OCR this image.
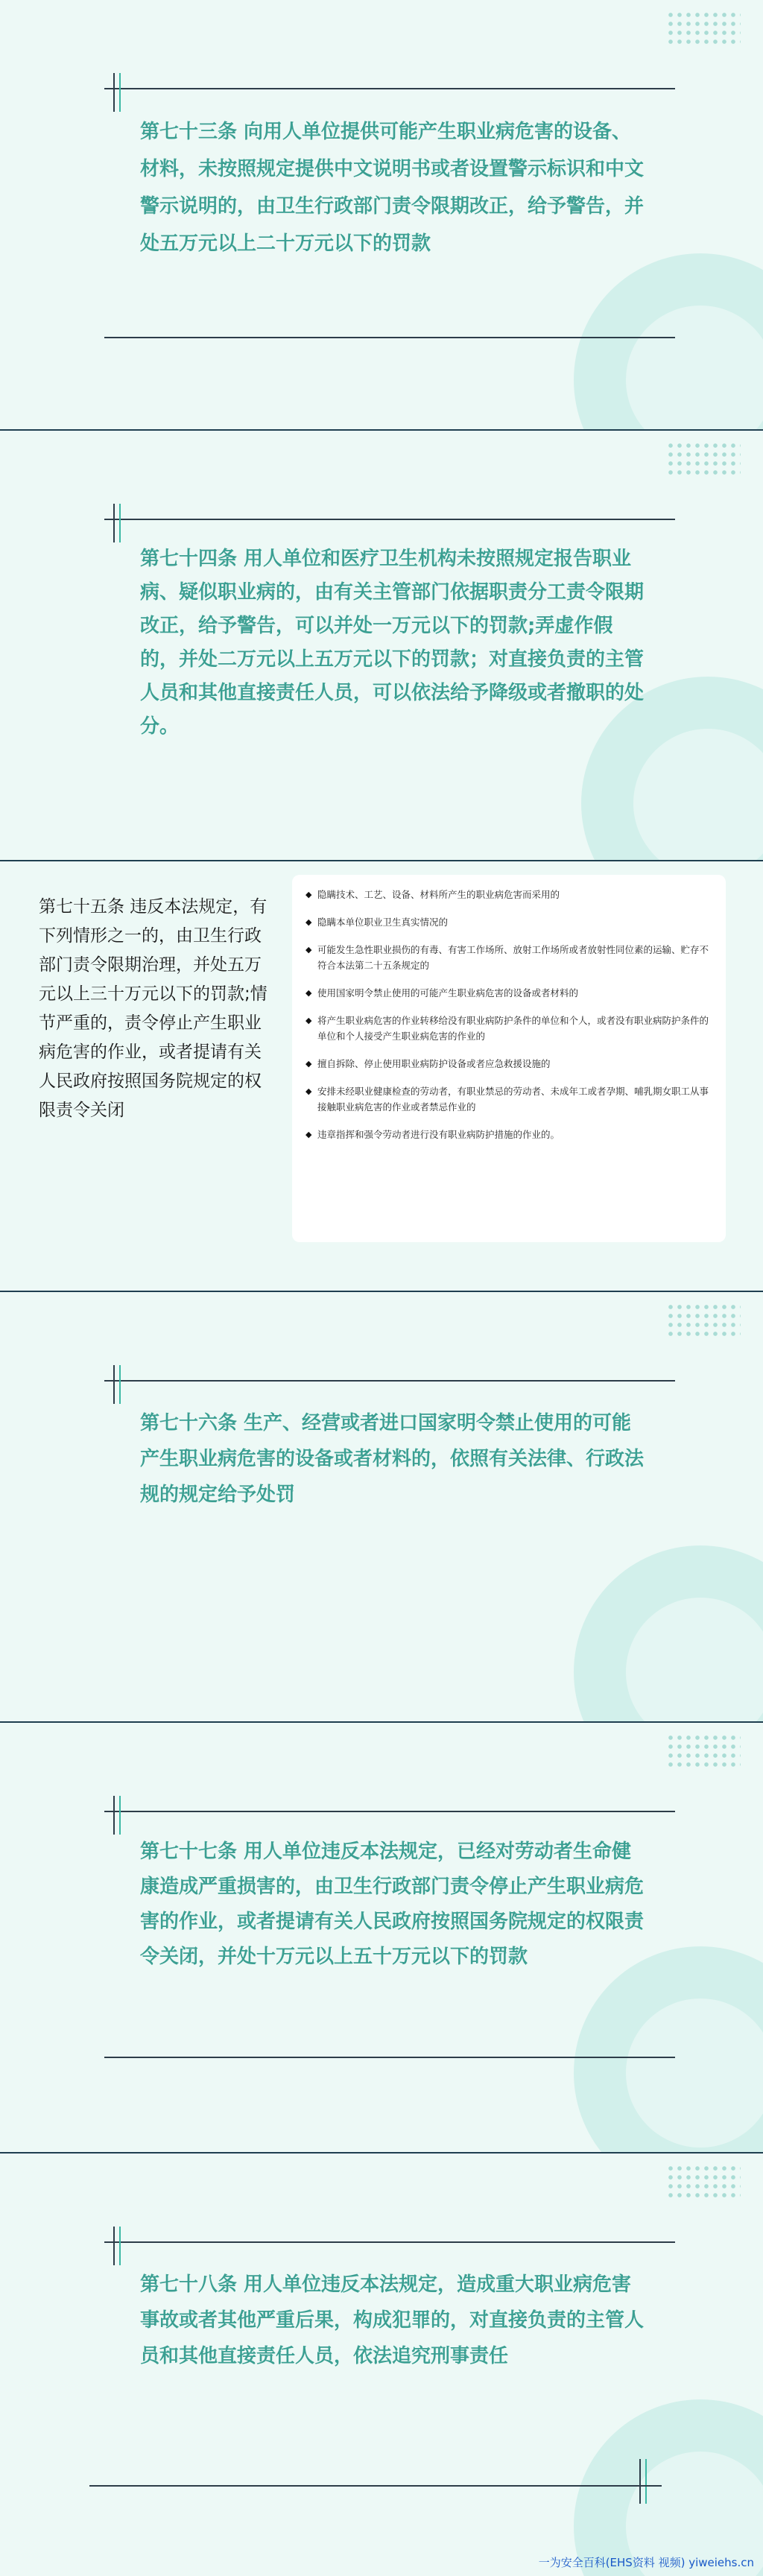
第七十三条 向用人单位提供可能产生职业病危害的设备、材料，未按照规定提供中文说明书或者设置警示标识和中文警示说明的，由卫生行政部门责令限期改正，给予警告，并处五万元以上二十万元以下的罚款

第七十四条 用人单位和医疗卫生机构未按照规定报告职业病、疑似职业病的，由有关主管部门依据职责分工责令限期改正，给予警告，可以并处一万元以下的罚款;弄虚作假的，并处二万元以上五万元以下的罚款；对直接负责的主管人员和其他直接责任人员，可以依法给予降级或者撤职的处分。

第七十五条 违反本法规定，有下列情形之一的，由卫生行政部门责令限期治理，并处五万元以上三十万元以下的罚款;情节严重的，责令停止产生职业病危害的作业，或者提请有关人民政府按照国务院规定的权限责令关闭

◆ 隐瞒技术、工艺、设备、材料所产生的职业病危害而采用的
◆ 隐瞒本单位职业卫生真实情况的
◆ 可能发生急性职业损伤的有毒、有害工作场所、放射工作场所或者放射性同位素的运输、贮存不符合本法第二十五条规定的
◆ 使用国家明令禁止使用的可能产生职业病危害的设备或者材料的
◆ 将产生职业病危害的作业转移给没有职业病防护条件的单位和个人，或者没有职业病防护条件的单位和个人接受产生职业病危害的作业的
◆ 擅自拆除、停止使用职业病防护设备或者应急救援设施的
◆ 安排未经职业健康检查的劳动者，有职业禁忌的劳动者、未成年工或者孕期、哺乳期女职工从事接触职业病危害的作业或者禁忌作业的
◆ 违章指挥和强令劳动者进行没有职业病防护措施的作业的。

第七十六条 生产、经营或者进口国家明令禁止使用的可能产生职业病危害的设备或者材料的，依照有关法律、行政法规的规定给予处罚

第七十七条 用人单位违反本法规定，已经对劳动者生命健康造成严重损害的，由卫生行政部门责令停止产生职业病危害的作业，或者提请有关人民政府按照国务院规定的权限责令关闭，并处十万元以上五十万元以下的罚款

第七十八条 用人单位违反本法规定，造成重大职业病危害事故或者其他严重后果，构成犯罪的，对直接负责的主管人员和其他直接责任人员，依法追究刑事责任

一为安全百科(EHS资料 视频) yiweiehs.cn
